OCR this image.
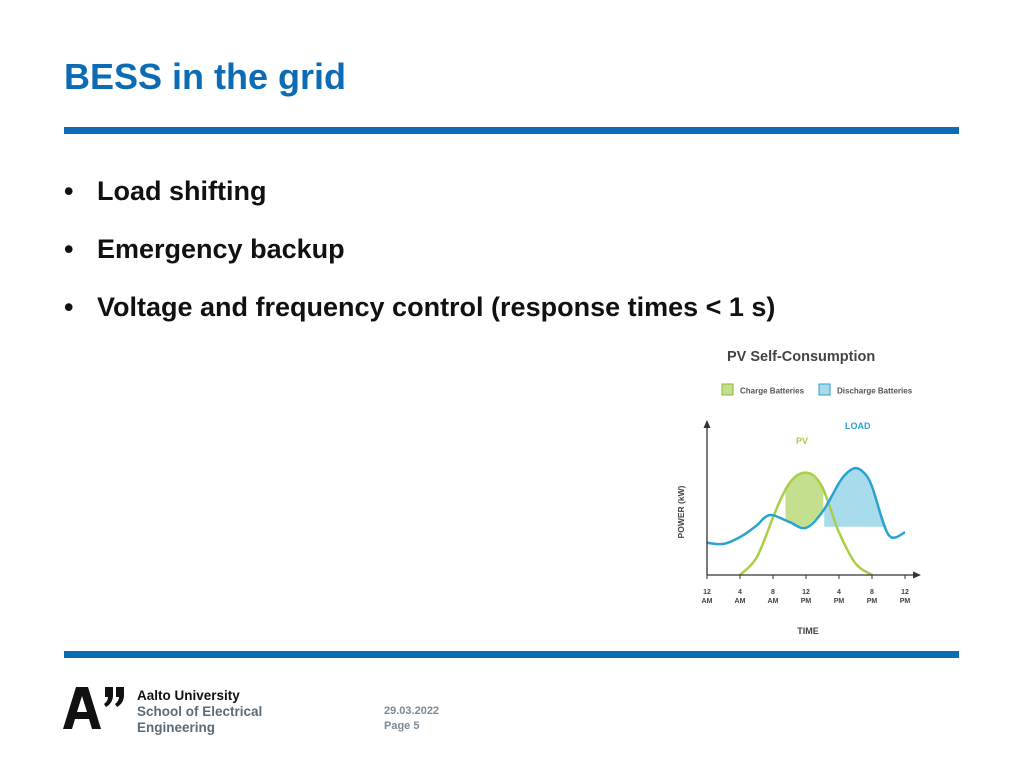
BESS in the grid
• Load shifting
• Emergency backup
• Voltage and frequency control (response times < 1 s)
PV Self-Consumption
Charge Batteries	Discharge Batteries
12
AM
4
AM
8
AM
12
PM
4
PM
8
PM
12
PM
PV
LOAD
POWER (kW)
TIME
Aalto University
School of Electrical
Engineering
29.03.2022
Page 5
